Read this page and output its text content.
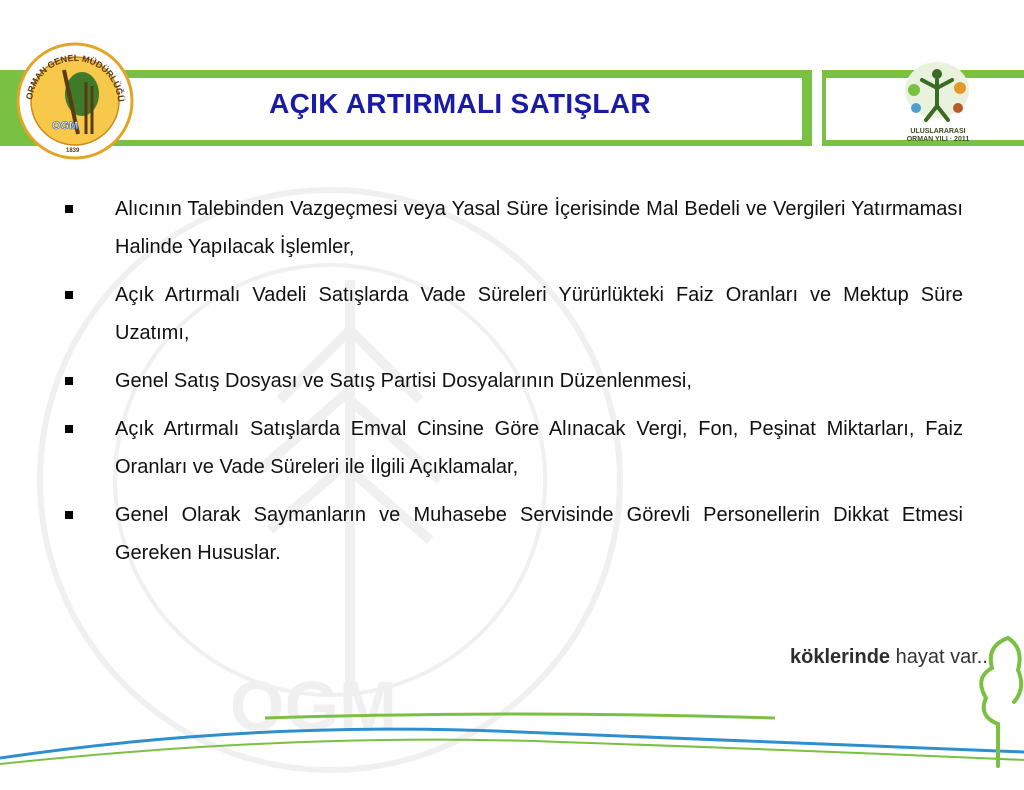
OGM
AÇIK ARTIRMALI SATIŞLAR
ORMAN GENEL MÜDÜRLÜĞÜ
OGM
1839
ULUSLARARASI
ORMAN YILI · 2011
Alıcının Talebinden Vazgeçmesi veya Yasal Süre İçerisinde Mal Bedeli ve Vergileri Yatırmaması Halinde Yapılacak İşlemler,
Açık Artırmalı Vadeli Satışlarda Vade Süreleri Yürürlükteki Faiz Oranları ve Mektup Süre Uzatımı,
Genel Satış Dosyası ve Satış Partisi Dosyalarının Düzenlenmesi,
Açık Artırmalı Satışlarda Emval Cinsine Göre Alınacak Vergi, Fon, Peşinat Miktarları, Faiz Oranları ve Vade Süreleri ile İlgili Açıklamalar,
Genel Olarak Saymanların ve Muhasebe Servisinde Görevli Personellerin Dikkat Etmesi Gereken Hususlar.
köklerinde hayat var...
